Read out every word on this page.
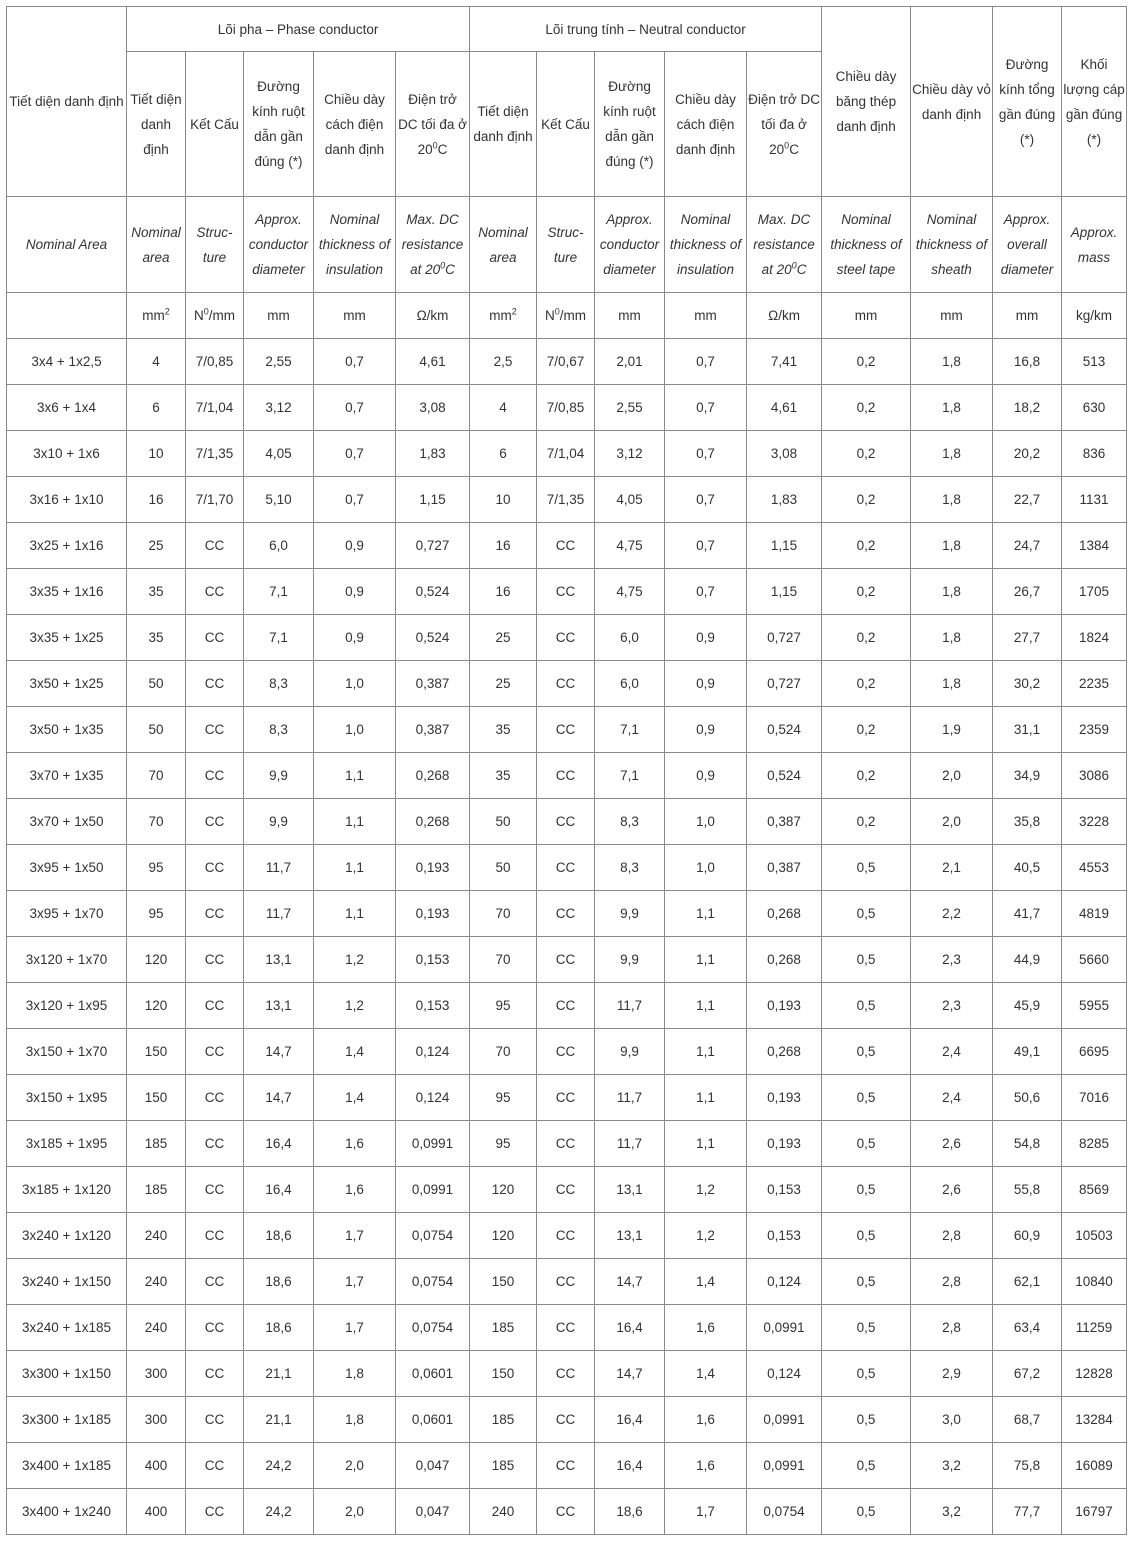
Tiết diện danh định	Lõi pha – Phase conductor					Lõi trung tính – Neutral conductor					Chiều dày băng thép danh định	Chiều dày vỏ danh định	Đường kính tổng gần đúng (*)	Khối lượng cáp gần đúng (*)
	Tiết diện danh định	Kết Cấu	Đường kính ruột dẫn gần đúng (*)	Chiều dày cách điện danh định	Điện trở DC tối đa ở $20^0C$	Tiết diện danh định	Kết Cấu	Đường kính ruột dẫn gần đúng (*)	Chiều dày cách điện danh định	Điện trở DC tối đa ở $20^0C$				
Nominal Area	Nominal area	Struc- ture	Approx. conductor diameter	Nominal thickness of insulation	Max. DC resistance at $20^0C$	Nominal area	Struc- ture	Approx. conductor diameter	Nominal thickness of insulation	Max. DC resistance at $20^0C$	Nominal thickness of steel tape	Nominal thickness of sheath	Approx. overall diameter	Approx. mass
	$mm^2$	$N^0/mm$	mm	mm	Ω/km	$mm^2$	$N^0/mm$	mm	mm	Ω/km	mm	mm	mm	kg/km
3x4 + 1x2,5	4	7/0,85	2,55	0,7	4,61	2,5	7/0,67	2,01	0,7	7,41	0,2	1,8	16,8	513
3x6 + 1x4	6	7/1,04	3,12	0,7	3,08	4	7/0,85	2,55	0,7	4,61	0,2	1,8	18,2	630
3x10 + 1x6	10	7/1,35	4,05	0,7	1,83	6	7/1,04	3,12	0,7	3,08	0,2	1,8	20,2	836
3x16 + 1x10	16	7/1,70	5,10	0,7	1,15	10	7/1,35	4,05	0,7	1,83	0,2	1,8	22,7	1131
3x25 + 1x16	25	CC	6,0	0,9	0,727	16	CC	4,75	0,7	1,15	0,2	1,8	24,7	1384
3x35 + 1x16	35	CC	7,1	0,9	0,524	16	CC	4,75	0,7	1,15	0,2	1,8	26,7	1705
3x35 + 1x25	35	CC	7,1	0,9	0,524	25	CC	6,0	0,9	0,727	0,2	1,8	27,7	1824
3x50 + 1x25	50	CC	8,3	1,0	0,387	25	CC	6,0	0,9	0,727	0,2	1,8	30,2	2235
3x50 + 1x35	50	CC	8,3	1,0	0,387	35	CC	7,1	0,9	0,524	0,2	1,9	31,1	2359
3x70 + 1x35	70	CC	9,9	1,1	0,268	35	CC	7,1	0,9	0,524	0,2	2,0	34,9	3086
3x70 + 1x50	70	CC	9,9	1,1	0,268	50	CC	8,3	1,0	0,387	0,2	2,0	35,8	3228
3x95 + 1x50	95	CC	11,7	1,1	0,193	50	CC	8,3	1,0	0,387	0,5	2,1	40,5	4553
3x95 + 1x70	95	CC	11,7	1,1	0,193	70	CC	9,9	1,1	0,268	0,5	2,2	41,7	4819
3x120 + 1x70	120	CC	13,1	1,2	0,153	70	CC	9,9	1,1	0,268	0,5	2,3	44,9	5660
3x120 + 1x95	120	CC	13,1	1,2	0,153	95	CC	11,7	1,1	0,193	0,5	2,3	45,9	5955
3x150 + 1x70	150	CC	14,7	1,4	0,124	70	CC	9,9	1,1	0,268	0,5	2,4	49,1	6695
3x150 + 1x95	150	CC	14,7	1,4	0,124	95	CC	11,7	1,1	0,193	0,5	2,4	50,6	7016
3x185 + 1x95	185	CC	16,4	1,6	0,0991	95	CC	11,7	1,1	0,193	0,5	2,6	54,8	8285
3x185 + 1x120	185	CC	16,4	1,6	0,0991	120	CC	13,1	1,2	0,153	0,5	2,6	55,8	8569
3x240 + 1x120	240	CC	18,6	1,7	0,0754	120	CC	13,1	1,2	0,153	0,5	2,8	60,9	10503
3x240 + 1x150	240	CC	18,6	1,7	0,0754	150	CC	14,7	1,4	0,124	0,5	2,8	62,1	10840
3x240 + 1x185	240	CC	18,6	1,7	0,0754	185	CC	16,4	1,6	0,0991	0,5	2,8	63,4	11259
3x300 + 1x150	300	CC	21,1	1,8	0,0601	150	CC	14,7	1,4	0,124	0,5	2,9	67,2	12828
3x300 + 1x185	300	CC	21,1	1,8	0,0601	185	CC	16,4	1,6	0,0991	0,5	3,0	68,7	13284
3x400 + 1x185	400	CC	24,2	2,0	0,047	185	CC	16,4	1,6	0,0991	0,5	3,2	75,8	16089
3x400 + 1x240	400	CC	24,2	2,0	0,047	240	CC	18,6	1,7	0,0754	0,5	3,2	77,7	16797
